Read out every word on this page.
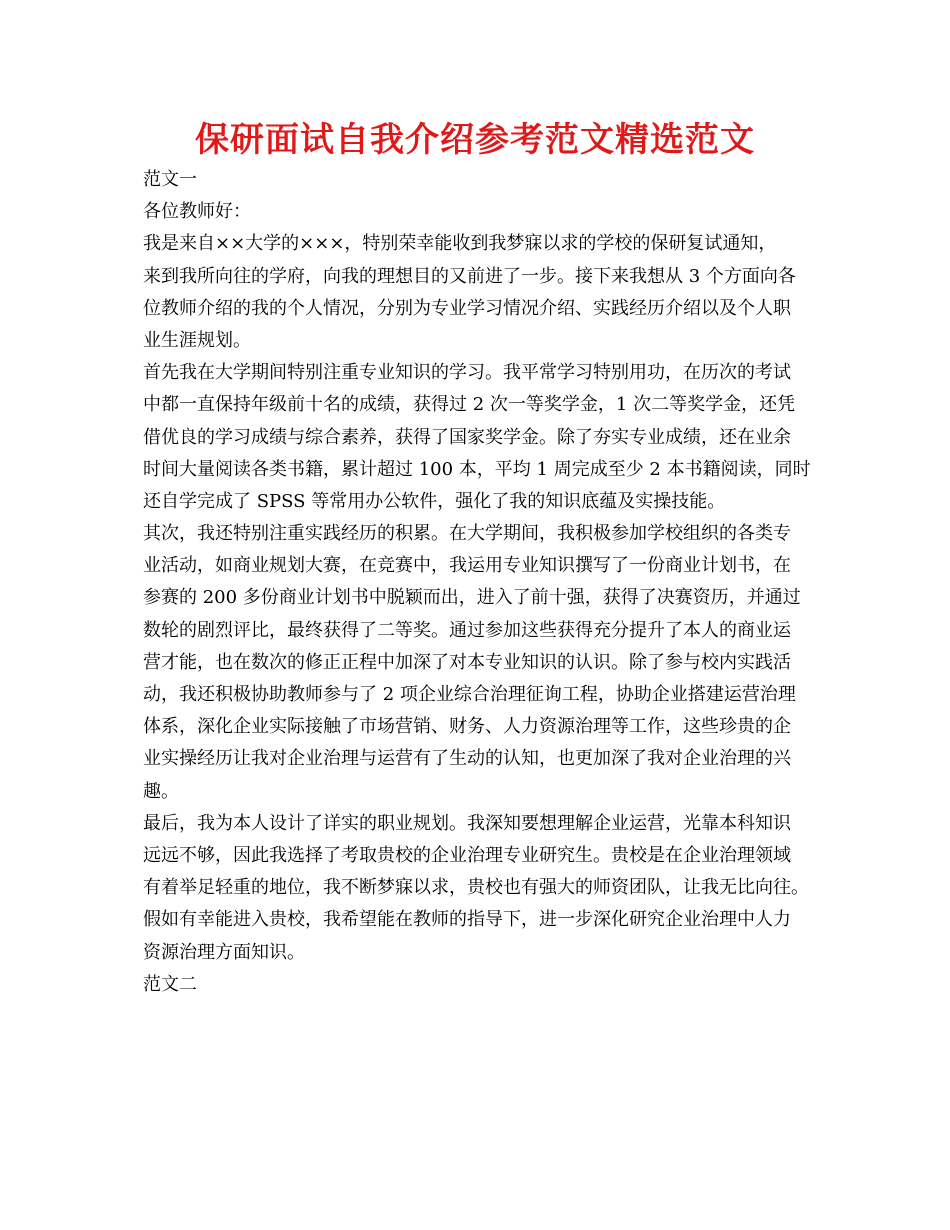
保研面试自我介绍参考范文精选范文
范文一
各位教师好：
我是来自××大学的×××，特别荣幸能收到我梦寐以求的学校的保研复试通知，
来到我所向往的学府，向我的理想目的又前进了一步。接下来我想从 3 个方面向各
位教师介绍的我的个人情况，分别为专业学习情况介绍、实践经历介绍以及个人职
业生涯规划。
首先我在大学期间特别注重专业知识的学习。我平常学习特别用功，在历次的考试
中都一直保持年级前十名的成绩，获得过 2 次一等奖学金，1 次二等奖学金，还凭
借优良的学习成绩与综合素养，获得了国家奖学金。除了夯实专业成绩，还在业余
时间大量阅读各类书籍，累计超过 100 本，平均 1 周完成至少 2 本书籍阅读，同时
还自学完成了 SPSS 等常用办公软件，强化了我的知识底蕴及实操技能。
其次，我还特别注重实践经历的积累。在大学期间，我积极参加学校组织的各类专
业活动，如商业规划大赛，在竞赛中，我运用专业知识撰写了一份商业计划书，在
参赛的 200 多份商业计划书中脱颖而出，进入了前十强，获得了决赛资历，并通过
数轮的剧烈评比，最终获得了二等奖。通过参加这些获得充分提升了本人的商业运
营才能，也在数次的修正正程中加深了对本专业知识的认识。除了参与校内实践活
动，我还积极协助教师参与了 2 项企业综合治理征询工程，协助企业搭建运营治理
体系，深化企业实际接触了市场营销、财务、人力资源治理等工作，这些珍贵的企
业实操经历让我对企业治理与运营有了生动的认知，也更加深了我对企业治理的兴
趣。
最后，我为本人设计了详实的职业规划。我深知要想理解企业运营，光靠本科知识
远远不够，因此我选择了考取贵校的企业治理专业研究生。贵校是在企业治理领域
有着举足轻重的地位，我不断梦寐以求，贵校也有强大的师资团队，让我无比向往。
假如有幸能进入贵校，我希望能在教师的指导下，进一步深化研究企业治理中人力
资源治理方面知识。
范文二
